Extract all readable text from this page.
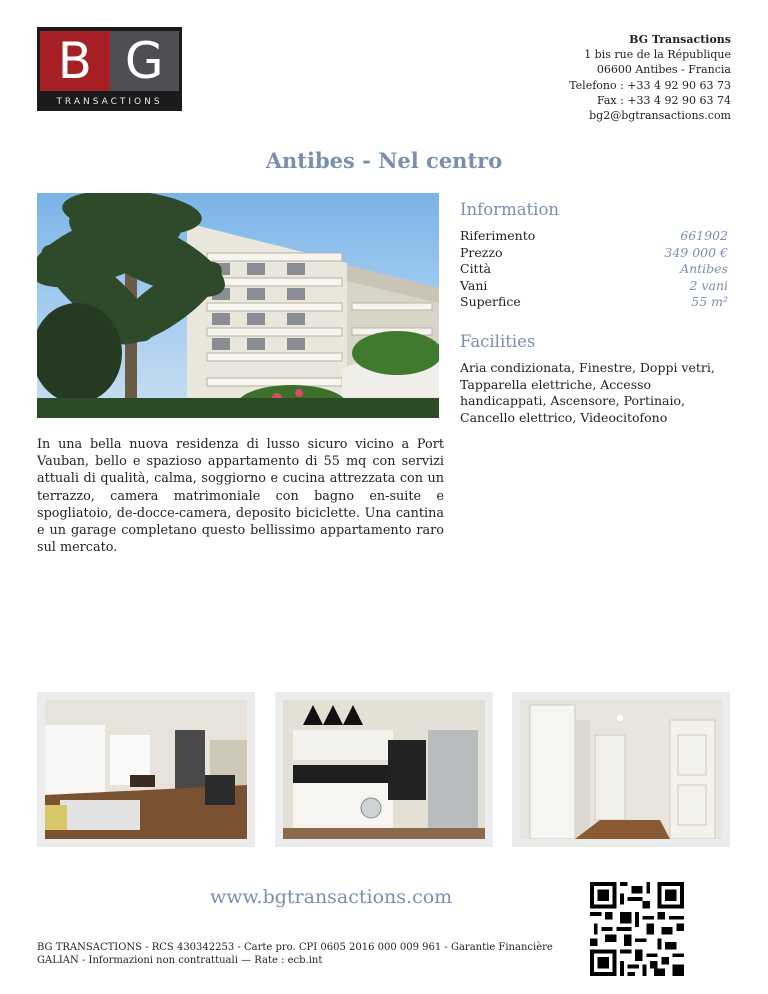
B G
TRANSACTIONS
BG Transactions
1 bis rue de la République
06600 Antibes - Francia
Telefono : +33 4 92 90 63 73
Fax : +33 4 92 90 63 74
bg2@bgtransactions.com
Antibes - Nel centro
Information
Riferimento	661902
Prezzo	349 000 €
Città	Antibes
Vani	2 vani
Superfice	55 m²
Facilities
Aria condizionata, Finestre, Doppi vetri, Tapparella elettriche, Accesso handicappati, Ascensore, Portinaio, Cancello elettrico, Videocitofono
In una bella nuova residenza di lusso sicuro vicino a Port Vauban, bello e spazioso appartamento di 55 mq con servizi attuali di qualità, calma, soggiorno e cucina attrezzata con un terrazzo, camera matrimoniale con bagno en-suite e spogliatoio, de-docce-camera, deposito biciclette. Una cantina e un garage completano questo bellissimo appartamento raro sul mercato.
www.bgtransactions.com
BG TRANSACTIONS - RCS 430342253 - Carte pro. CPI 0605 2016 000 009 961 - Garantie Financière GALIAN - Informazioni non contrattuali — Rate : ecb.int
